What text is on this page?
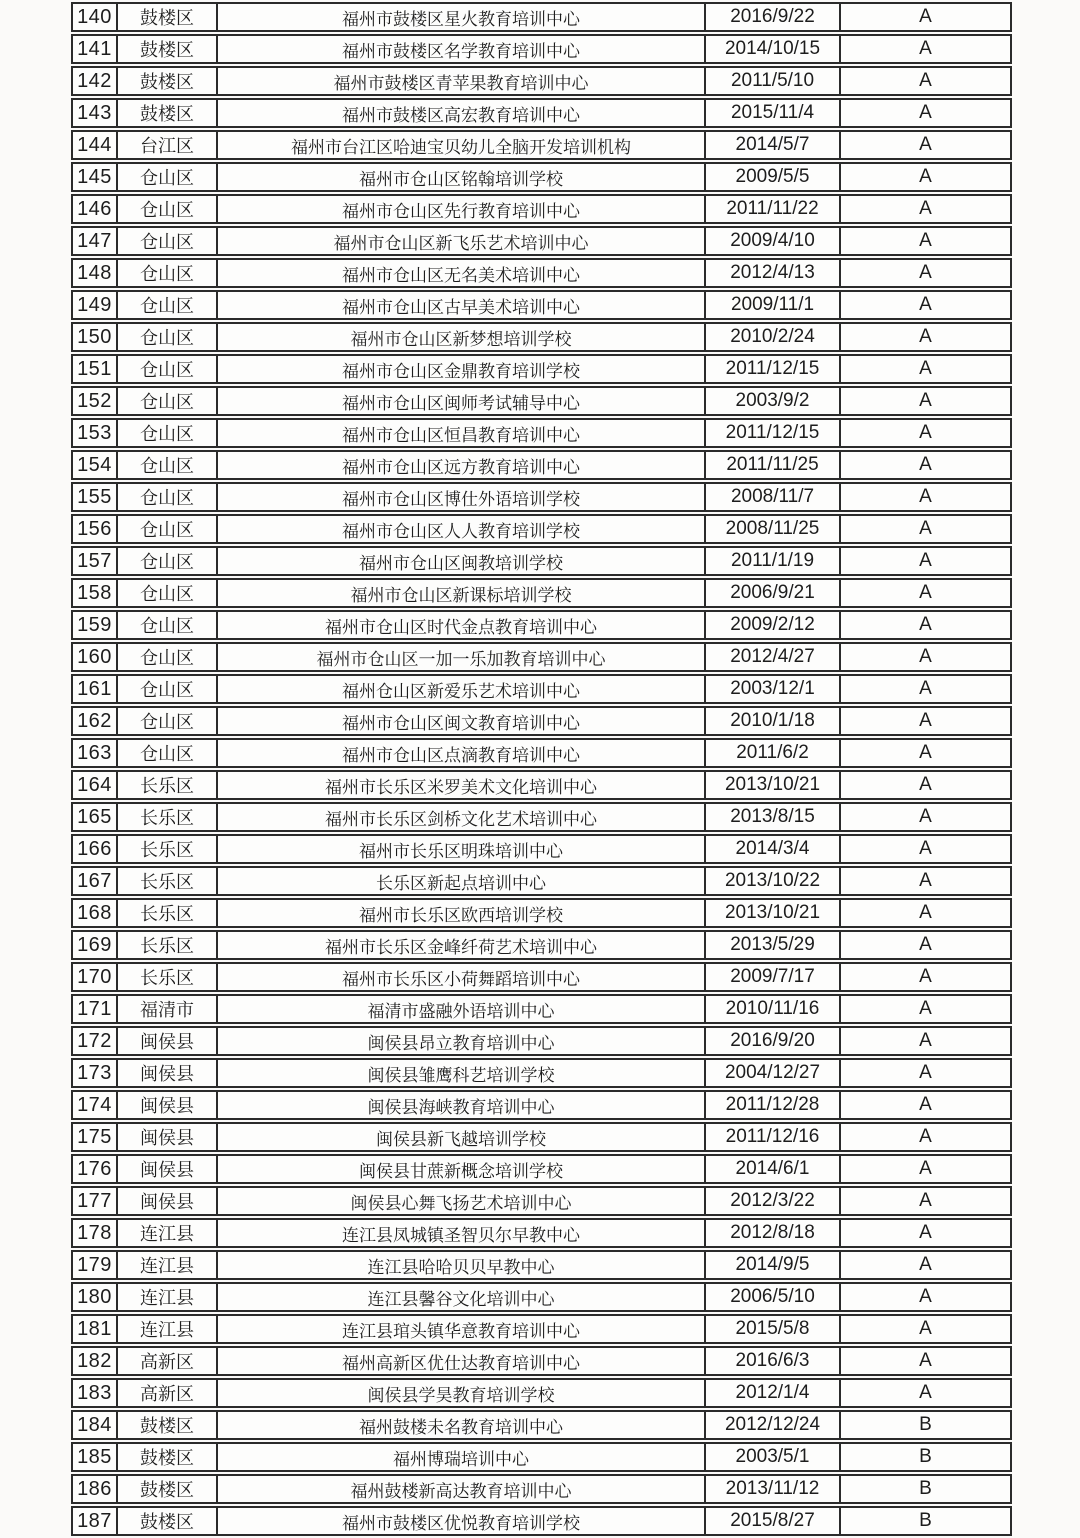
140	鼓楼区	福州市鼓楼区星火教育培训中心	2016/9/22	A
141	鼓楼区	福州市鼓楼区名学教育培训中心	2014/10/15	A
142	鼓楼区	福州市鼓楼区青苹果教育培训中心	2011/5/10	A
143	鼓楼区	福州市鼓楼区高宏教育培训中心	2015/11/4	A
144	台江区	福州市台江区哈迪宝贝幼儿全脑开发培训机构	2014/5/7	A
145	仓山区	福州市仓山区铭翰培训学校	2009/5/5	A
146	仓山区	福州市仓山区先行教育培训中心	2011/11/22	A
147	仓山区	福州市仓山区新飞乐艺术培训中心	2009/4/10	A
148	仓山区	福州市仓山区无名美术培训中心	2012/4/13	A
149	仓山区	福州市仓山区古早美术培训中心	2009/11/1	A
150	仓山区	福州市仓山区新梦想培训学校	2010/2/24	A
151	仓山区	福州市仓山区金鼎教育培训学校	2011/12/15	A
152	仓山区	福州市仓山区闽师考试辅导中心	2003/9/2	A
153	仓山区	福州市仓山区恒昌教育培训中心	2011/12/15	A
154	仓山区	福州市仓山区远方教育培训中心	2011/11/25	A
155	仓山区	福州市仓山区博仕外语培训学校	2008/11/7	A
156	仓山区	福州市仓山区人人教育培训学校	2008/11/25	A
157	仓山区	福州市仓山区闽教培训学校	2011/1/19	A
158	仓山区	福州市仓山区新课标培训学校	2006/9/21	A
159	仓山区	福州市仓山区时代金点教育培训中心	2009/2/12	A
160	仓山区	福州市仓山区一加一乐加教育培训中心	2012/4/27	A
161	仓山区	福州仓山区新爱乐艺术培训中心	2003/12/1	A
162	仓山区	福州市仓山区闽文教育培训中心	2010/1/18	A
163	仓山区	福州市仓山区点滴教育培训中心	2011/6/2	A
164	长乐区	福州市长乐区米罗美术文化培训中心	2013/10/21	A
165	长乐区	福州市长乐区剑桥文化艺术培训中心	2013/8/15	A
166	长乐区	福州市长乐区明珠培训中心	2014/3/4	A
167	长乐区	长乐区新起点培训中心	2013/10/22	A
168	长乐区	福州市长乐区欧西培训学校	2013/10/21	A
169	长乐区	福州市长乐区金峰纤荷艺术培训中心	2013/5/29	A
170	长乐区	福州市长乐区小荷舞蹈培训中心	2009/7/17	A
171	福清市	福清市盛融外语培训中心	2010/11/16	A
172	闽侯县	闽侯县昂立教育培训中心	2016/9/20	A
173	闽侯县	闽侯县雏鹰科艺培训学校	2004/12/27	A
174	闽侯县	闽侯县海峡教育培训中心	2011/12/28	A
175	闽侯县	闽侯县新飞越培训学校	2011/12/16	A
176	闽侯县	闽侯县甘蔗新概念培训学校	2014/6/1	A
177	闽侯县	闽侯县心舞飞扬艺术培训中心	2012/3/22	A
178	连江县	连江县凤城镇圣智贝尔早教中心	2012/8/18	A
179	连江县	连江县哈哈贝贝早教中心	2014/9/5	A
180	连江县	连江县馨谷文化培训中心	2006/5/10	A
181	连江县	连江县琯头镇华意教育培训中心	2015/5/8	A
182	高新区	福州高新区优仕达教育培训中心	2016/6/3	A
183	高新区	闽侯县学昊教育培训学校	2012/1/4	A
184	鼓楼区	福州鼓楼未名教育培训中心	2012/12/24	B
185	鼓楼区	福州博瑞培训中心	2003/5/1	B
186	鼓楼区	福州鼓楼新高达教育培训中心	2013/11/12	B
187	鼓楼区	福州市鼓楼区优悦教育培训学校	2015/8/27	B
